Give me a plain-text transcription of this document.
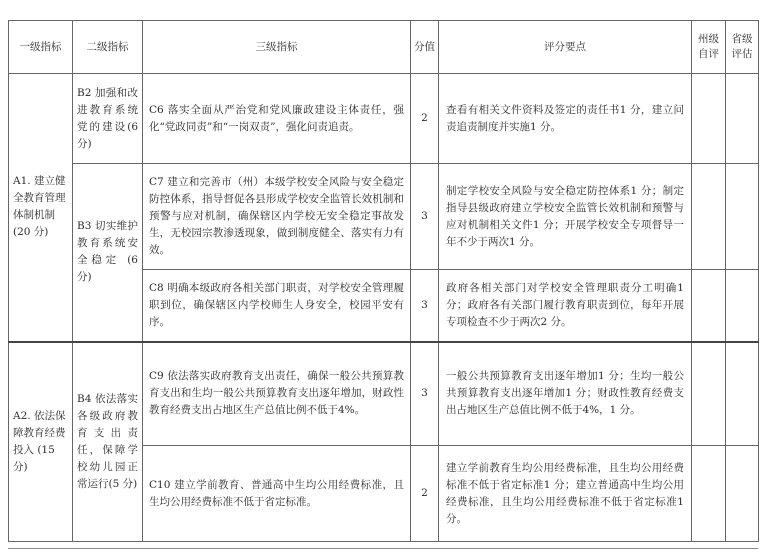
一级指标	二级指标	三级指标	分值	评分要点	州级自评	省级评估
A1. 建立健全教育管理体制机制 (20 分)	B2 加强和改进教育系统党的建设(6 分)	C6 落实全面从严治党和党风廉政建设主体责任，强化“党政同责”和“一岗双责”，强化问责追责。	2	查看有相关文件资料及签定的责任书1 分，建立问责追责制度并实施1 分。		
	B3 切实维护教育系统安全稳定 (6 分)	C7 建立和完善市（州）本级学校安全风险与安全稳定防控体系，指导督促各县形成学校安全监管长效机制和预警与应对机制，确保辖区内学校无安全稳定事故发生，无校园宗教渗透现象，做到制度健全、落实有力有效。	3	制定学校安全风险与安全稳定防控体系1 分；制定指导县级政府建立学校安全监管长效机制和预警与应对机制相关文件1 分；开展学校安全专项督导一年不少于两次1 分。		
		C8 明确本级政府各相关部门职责，对学校安全管理履职到位，确保辖区内学校师生人身安全，校园平安有序。	3	政府各相关部门对学校安全管理职责分工明确1 分；政府各有关部门履行教育职责到位，每年开展专项检查不少于两次2 分。		
A2. 依法保障教育经费投入 (15 分)	B4 依法落实各级政府教育支出责任，保障学校幼儿园正常运行(5 分)	C9 依法落实政府教育支出责任，确保一般公共预算教育支出和生均一般公共预算教育支出逐年增加，财政性教育经费支出占地区生产总值比例不低于4%。	3	一般公共预算教育支出逐年增加1 分；生均一般公共预算教育支出逐年增加1 分；财政性教育经费支出占地区生产总值比例不低于4%，1 分。		
		C10 建立学前教育、普通高中生均公用经费标准，且生均公用经费标准不低于省定标准。	2	建立学前教育生均公用经费标准，且生均公用经费标准不低于省定标准1 分；建立普通高中生均公用经费标准，且生均公用经费标准不低于省定标准1 分。		
